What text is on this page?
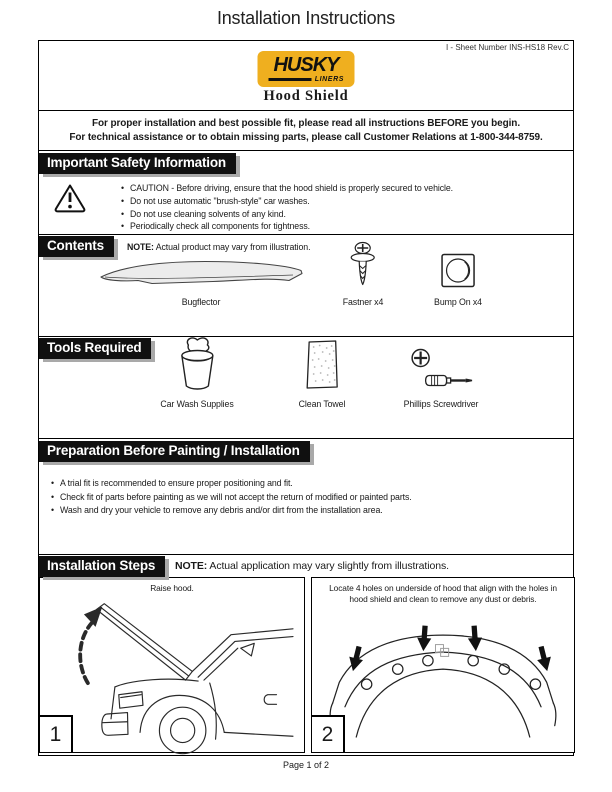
Installation Instructions
I - Sheet Number INS-HS18 Rev.C
HUSKY
LINERS
Hood Shield
For proper installation and best possible fit, please read all instructions BEFORE you begin.
For technical assistance or to obtain missing parts, please call Customer Relations at 1-800-344-8759.
Important Safety Information
• CAUTION - Before driving, ensure that the hood shield is properly secured to vehicle.
• Do not use automatic "brush-style" car washes.
• Do not use cleaning solvents of any kind.
• Periodically check all components for tightness.
Contents	NOTE: Actual product may vary from illustration.
Bugflector	Fastner x4	Bump On x4
Tools Required
Car Wash Supplies	Clean Towel	Phillips Screwdriver
Preparation Before Painting / Installation
• A trial fit is recommended to ensure proper positioning and fit.
• Check fit of parts before painting as we will not accept the return of modified or painted parts.
• Wash and dry your vehicle to remove any debris and/or dirt from the installation area.
Installation Steps	NOTE: Actual application may vary slightly from illustrations.
Raise hood.
1
Locate 4 holes on underside of hood that align with the holes in hood shield and clean to remove any dust or debris.
2
Page 1 of 2
